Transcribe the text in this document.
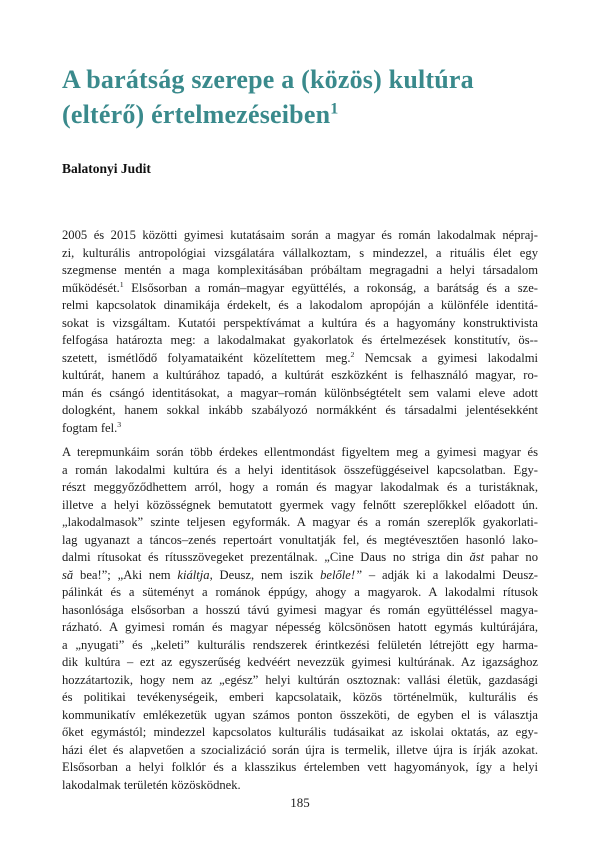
A barátság szerepe a (közös) kultúra
(eltérő) értelmezéseiben$^1$
Balatonyi Judit

2005 és 2015 közötti gyimesi kutatásaim során a magyar és román lakodalmak népraj-
zi, kulturális antropológiai vizsgálatára vállalkoztam, s mindezzel, a rituális élet egy
szegmense mentén a maga komplexitásában próbáltam megragadni a helyi társadalom
működését.$^1$ Elsősorban a román–magyar együttélés, a rokonság, a barátság és a sze-
relmi kapcsolatok dinamikája érdekelt, és a lakodalom apropóján a különféle identitá-
sokat is vizsgáltam. Kutatói perspektívámat a kultúra és a hagyomány konstruktivista
felfogása határozta meg: a lakodalmakat gyakorlatok és értelmezések konstitutív, ös--
szetett, ismétlődő folyamataiként közelítettem meg.$^2$ Nemcsak a gyimesi lakodalmi
kultúrát, hanem a kultúrához tapadó, a kultúrát eszközként is felhasználó magyar, ro-
mán és csángó identitásokat, a magyar–román különbségtételt sem valami eleve adott
dologként, hanem sokkal inkább szabályozó normákként és társadalmi jelentésekként
fogtam fel.$^3$

A terepmunkáim során több érdekes ellentmondást figyeltem meg a gyimesi magyar és
a román lakodalmi kultúra és a helyi identitások összefüggéseivel kapcsolatban. Egy-
részt meggyőződhettem arról, hogy a román és magyar lakodalmak és a turistáknak,
illetve a helyi közösségnek bemutatott gyermek vagy felnőtt szereplőkkel előadott ún.
„lakodalmasok” szinte teljesen egyformák. A magyar és a román szereplők gyakorlati-
lag ugyanazt a táncos–zenés repertoárt vonultatják fel, és megtévesztően hasonló lako-
dalmi rítusokat és rítusszövegeket prezentálnak. „Cine Daus no striga din ăst pahar no
să bea!”; „Aki nem kiáltja, Deusz, nem iszik belőle!” – adják ki a lakodalmi Deusz-
pálinkát és a süteményt a románok éppúgy, ahogy a magyarok. A lakodalmi rítusok
hasonlósága elsősorban a hosszú távú gyimesi magyar és román együttéléssel magya-
rázható. A gyimesi román és magyar népesség kölcsönösen hatott egymás kultúrájára,
a „nyugati” és „keleti” kulturális rendszerek érintkezési felületén létrejött egy harma-
dik kultúra – ezt az egyszerűség kedvéért nevezzük gyimesi kultúrának. Az igazsághoz
hozzátartozik, hogy nem az „egész” helyi kultúrán osztoznak: vallási életük, gazdasági
és politikai tevékenységeik, emberi kapcsolataik, közös történelmük, kulturális és
kommunikatív emlékezetük ugyan számos ponton összeköti, de egyben el is választja
őket egymástól; mindezzel kapcsolatos kulturális tudásaikat az iskolai oktatás, az egy-
házi élet és alapvetően a szocializáció során újra is termelik, illetve újra is írják azokat.
Elsősorban a helyi folklór és a klasszikus értelemben vett hagyományok, így a helyi
lakodalmak területén közösködnek.

185
